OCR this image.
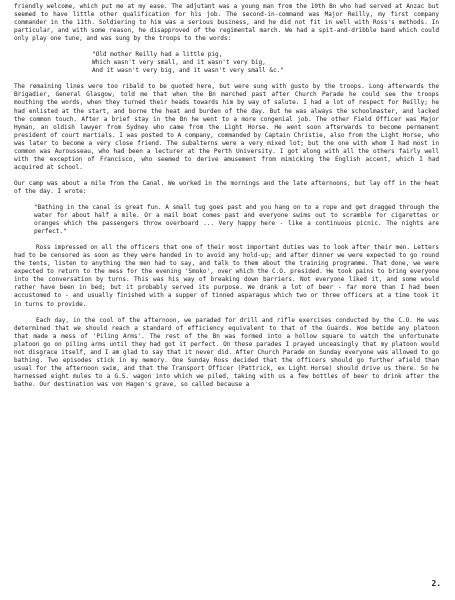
friendly welcome, which put me at my ease. The adjutant was a young man from the 10th Bn who had served at Anzac but seemed to have little other qualification for his job. The second-in-command was Major Reilly, my first company commander in the 11th. Soldiering to him was a serious business, and he did not fit in well with Ross's methods. In particular, and with some reason, he disapproved of the regimental march. We had a spit-and-dribble band which could only play one tune, and was sung by the troops to the words:

"Old mother Reilly had a little pig,

Which wasn't very small, and it wasn't very big,

And it wasn't very big, and it wasn't very small &c."

The remaining lines were too ribald to be quoted here, but were sung with gusto by the troops. Long afterwards the Brigadier, General Glasgow, told me that when the Bn marched past after Church Parade he could see the troops mouthing the words, when they turned their heads towards him by way of salute. I had a lot of respect for Reilly; he had enlisted at the start, and borne the heat and burden of the day. But he was always the schoolmaster, and lacked the common touch. After a brief stay in the Bn he went to a more congenial job. The other Field Officer was Major Hyman, an oldish lawyer from Sydney who came from the Light Horse. He went soon afterwards to become permanent president of court martials. I was posted to A company, commanded by Captain Christie, also from the Light Horse, who was later to become a very close friend. The subalterns were a very mixed lot; but the one with whom I had most in common was Aurousseau, who had been a lecturer at the Perth University. I got along with all the others fairly well with the exception of Francisco, who seemed to derive amusement from mimicking the English accent, which I had acquired at school.

Our camp was about a mile from the Canal. We worked in the mornings and the late afternoons, but lay off in the heat of the day. I wrote:

"Bathing in the canal is great fun. A small tug goes past and you hang on to a rope and get dragged through the water for about half a mile. Or a mail boat comes past and everyone swims out to scramble for cigarettes or oranges which the passengers throw overboard ... Very happy here - like a continuous picnic. The nights are perfect."

Ross impressed on all the officers that one of their most important duties was to look after their men. Letters had to be censored as soon as they were handed in to avoid any hold-up; and after dinner we were expected to go round the tents, listen to anything the men had to say, and talk to them about the training programme. That done, we were expected to return to the mess for the evening 'Smoko', over which the C.O. presided. He took pains to bring everyone into the conversation by turns. This was his way of breaking down barriers. Not everyone liked it, and some would rather have been in bed; but it probably served its purpose. We drank a lot of beer - far more than I had been accustomed to - and usually finished with a supper of tinned asparagus which two or three officers at a time took it in turns to provide.

Each day, in the cool of the afternoon, we paraded for drill and rifle exercises conducted by the C.O. He was determined that we should reach a standard of efficiency equivalent to that of the Guards. Woe betide any platoon that made a mess of 'Piling Arms'. The rest of the Bn was formed into a hollow square to watch the unfortunate platoon go on piling arms until they had got it perfect. On these parades I prayed unceasingly that my platoon would not disgrace itself, and I am glad to say that it never did. After Church Parade on Sunday everyone was allowed to go bathing. Two episodes stick in my memory. One Sunday Ross decided that the officers should go further afield than usual for the afternoon swim, and that the Transport Officer (Pattrick, ex Light Horse) should drive us there. So he harnessed eight mules to a G.S. wagon into which we piled, taking with us a few bottles of beer to drink after the bathe. Our destination was von Hagen's grave, so called because a

2.
